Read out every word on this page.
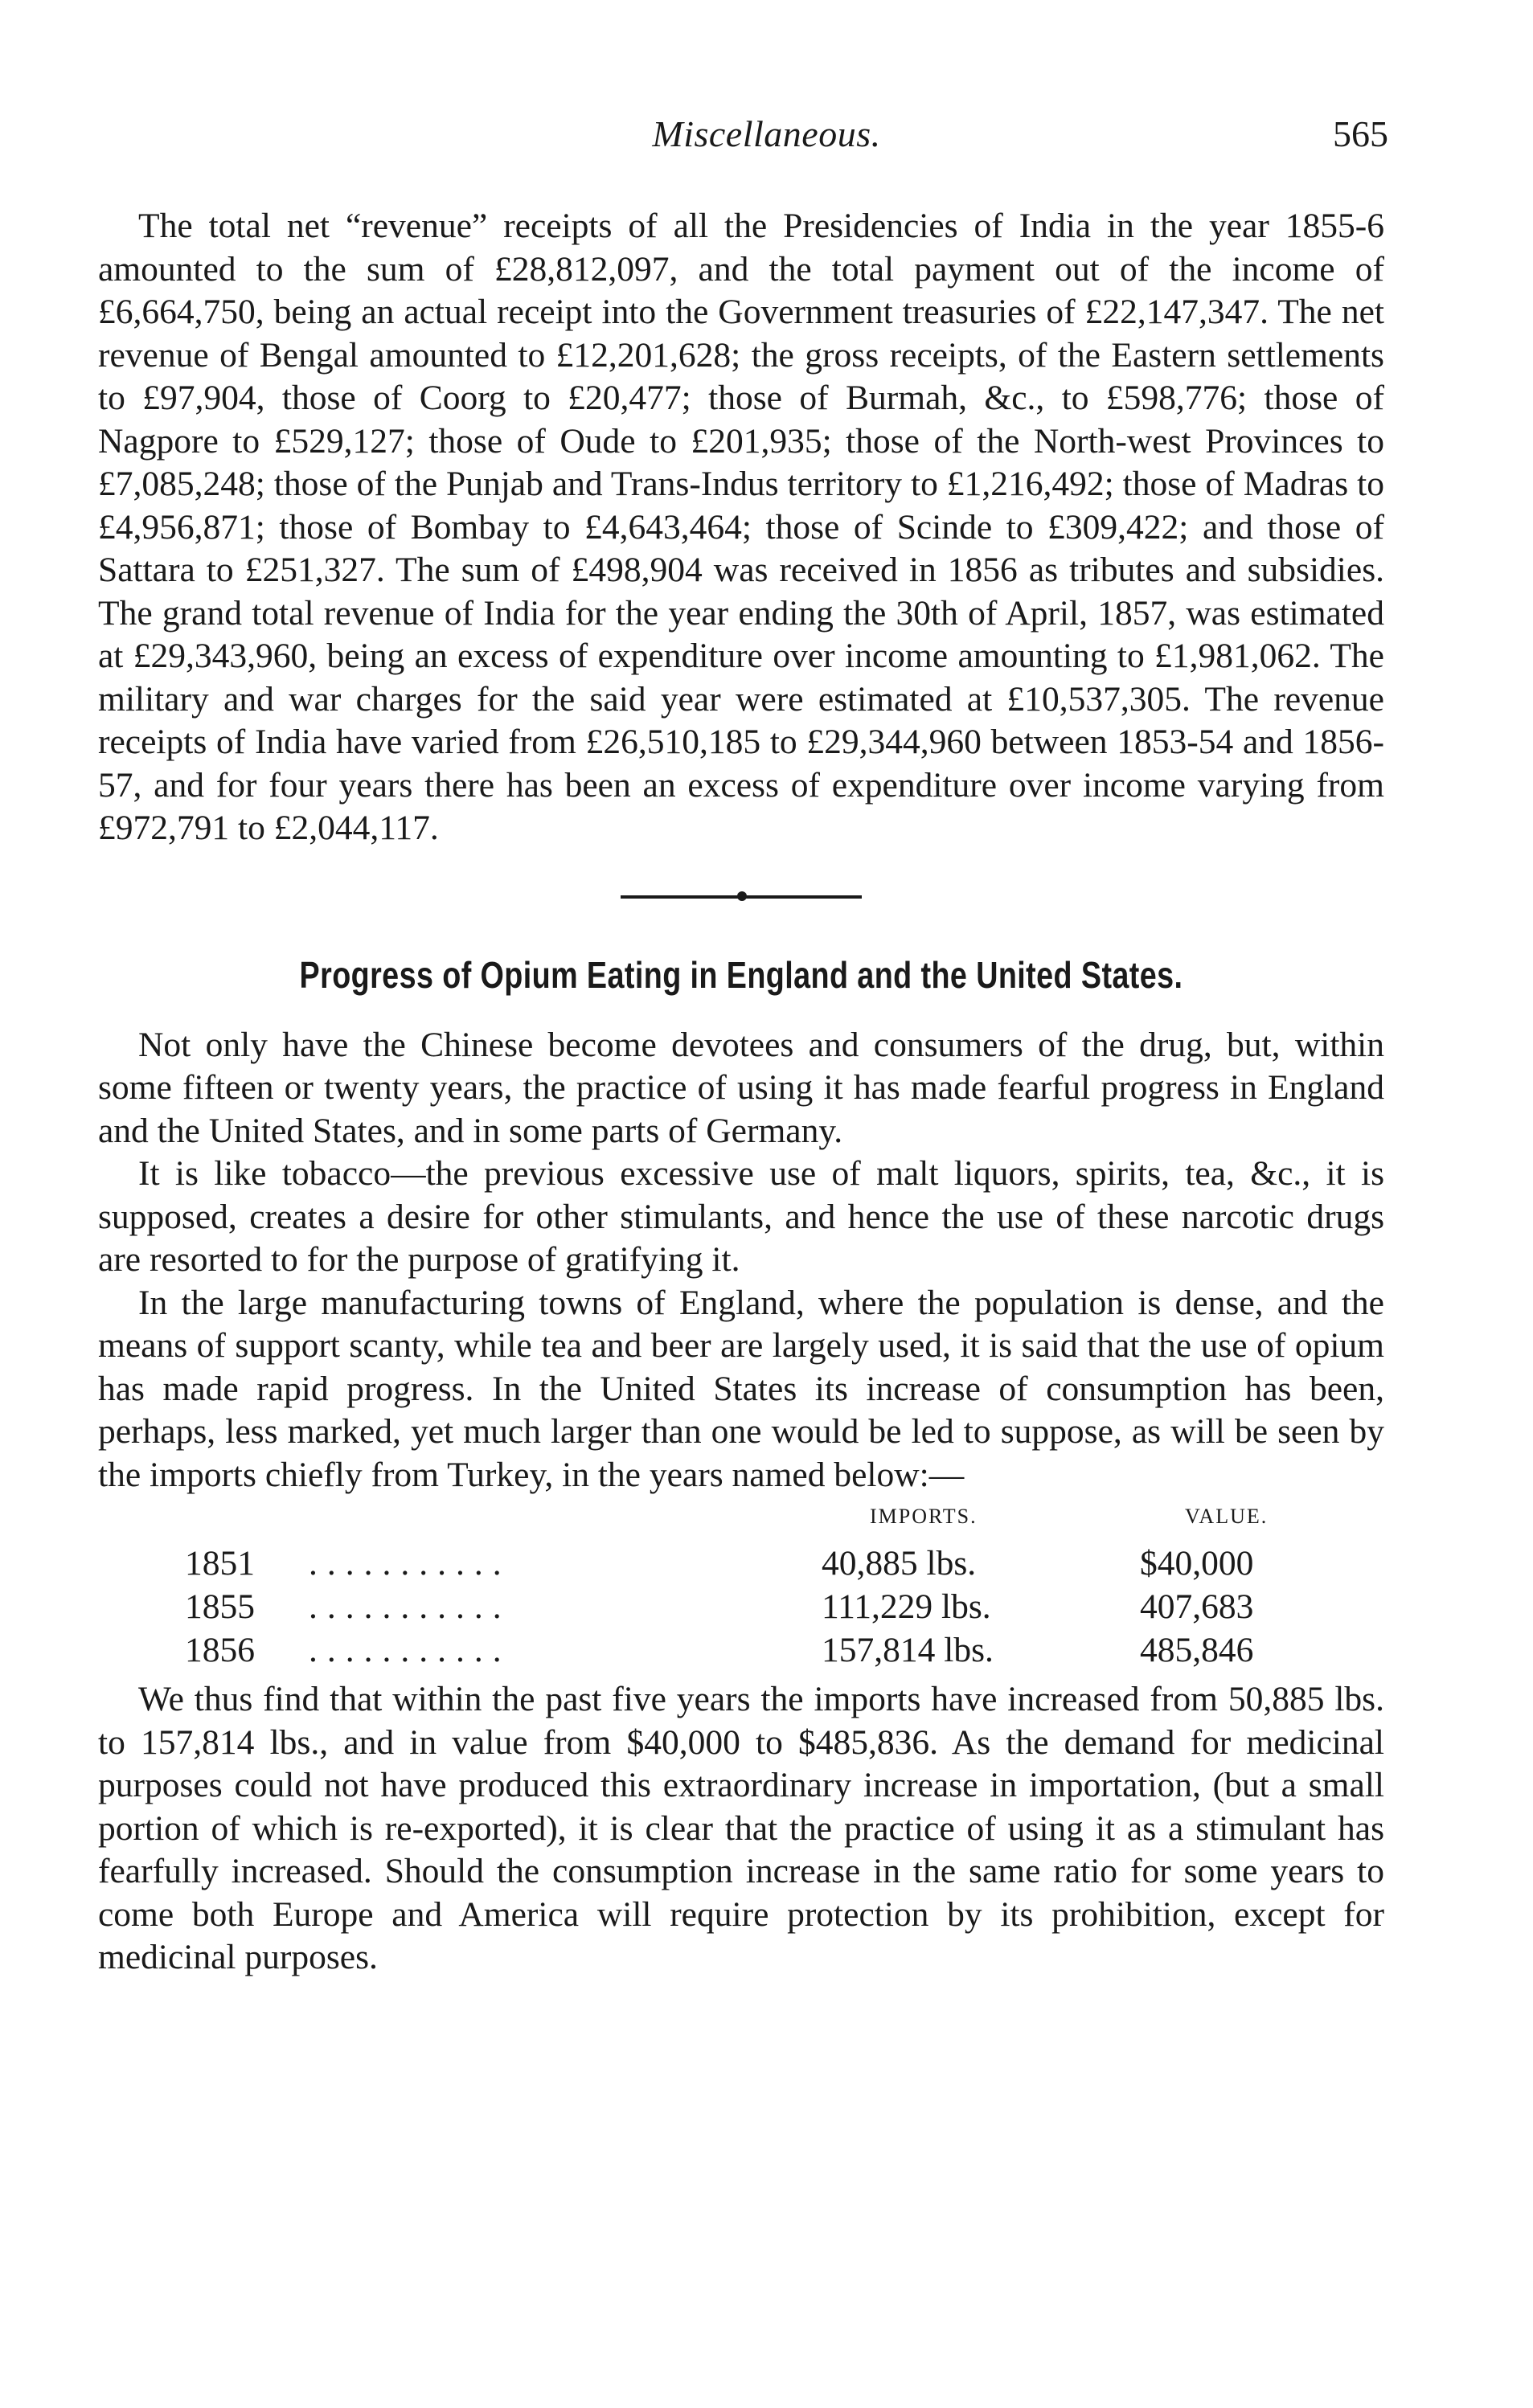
Miscellaneous.	565

The total net “revenue” receipts of all the Presidencies of India in the year 1855-6 amounted to the sum of £28,812,097, and the total payment out of the income of £6,664,750, being an actual receipt into the Government treasuries of £22,147,347. The net revenue of Bengal amounted to £12,201,628; the gross receipts, of the Eastern settlements to £97,904, those of Coorg to £20,477; those of Burmah, &c., to £598,776; those of Nagpore to £529,127; those of Oude to £201,935; those of the North-west Provinces to £7,085,248; those of the Punjab and Trans-Indus territory to £1,216,492; those of Madras to £4,956,871; those of Bombay to £4,643,464; those of Scinde to £309,422; and those of Sattara to £251,327. The sum of £498,904 was received in 1856 as tributes and subsidies. The grand total revenue of India for the year ending the 30th of April, 1857, was estimated at £29,343,960, being an excess of expenditure over income amounting to £1,981,062. The military and war charges for the said year were estimated at £10,537,305. The revenue receipts of India have varied from £26,510,185 to £29,344,960 between 1853-54 and 1856-57, and for four years there has been an excess of expenditure over income varying from £972,791 to £2,044,117.

Progress of Opium Eating in England and the United States.

Not only have the Chinese become devotees and consumers of the drug, but, within some fifteen or twenty years, the practice of using it has made fearful progress in England and the United States, and in some parts of Germany.

It is like tobacco—the previous excessive use of malt liquors, spirits, tea, &c., it is supposed, creates a desire for other stimulants, and hence the use of these narcotic drugs are resorted to for the purpose of gratifying it.

In the large manufacturing towns of England, where the population is dense, and the means of support scanty, while tea and beer are largely used, it is said that the use of opium has made rapid progress. In the United States its increase of consumption has been, perhaps, less marked, yet much larger than one would be led to suppose, as will be seen by the imports chiefly from Turkey, in the years named below:—

IMPORTS.	VALUE.
1851 ...........	40,885 lbs.	$40,000
1855 ...........	111,229 lbs.	407,683
1856 ...........	157,814 lbs.	485,846

We thus find that within the past five years the imports have increased from 50,885 lbs. to 157,814 lbs., and in value from $40,000 to $485,836. As the demand for medicinal purposes could not have produced this extraordinary increase in importation, (but a small portion of which is re-exported), it is clear that the practice of using it as a stimulant has fearfully increased. Should the consumption increase in the same ratio for some years to come both Europe and America will require protection by its prohibition, except for medicinal purposes.
